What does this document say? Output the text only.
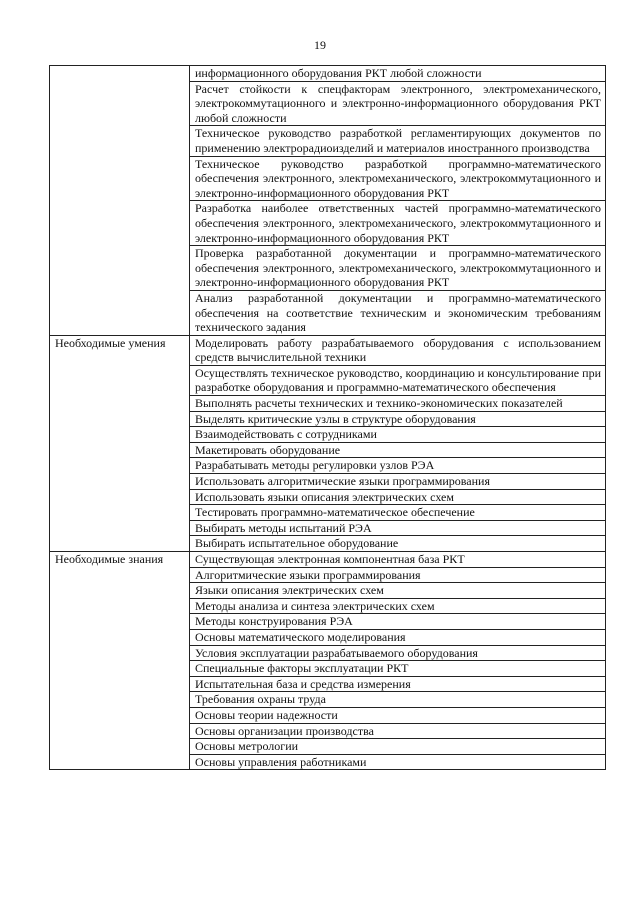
19
	информационного оборудования РКТ любой сложности
	Расчет стойкости к спецфакторам электронного, электромеханического, электрокоммутационного и электронно-информационного оборудования РКТ любой сложности
	Техническое руководство разработкой регламентирующих документов по применению электрорадиоизделий и материалов иностранного производства
	Техническое руководство разработкой программно-математического обеспечения электронного, электромеханического, электрокоммутационного и электронно-информационного оборудования РКТ
	Разработка наиболее ответственных частей программно-математического обеспечения электронного, электромеханического, электрокоммутационного и электронно-информационного оборудования РКТ
	Проверка разработанной документации и программно-математического обеспечения электронного, электромеханического, электрокоммутационного и электронно-информационного оборудования РКТ
	Анализ разработанной документации и программно-математического обеспечения на соответствие техническим и экономическим требованиям технического задания
Необходимые умения	Моделировать работу разрабатываемого оборудования с использованием средств вычислительной техники
	Осуществлять техническое руководство, координацию и консультирование при разработке оборудования и программно-математического обеспечения
	Выполнять расчеты технических и технико-экономических показателей
	Выделять критические узлы в структуре оборудования
	Взаимодействовать с сотрудниками
	Макетировать оборудование
	Разрабатывать методы регулировки узлов РЭА
	Использовать алгоритмические языки программирования
	Использовать языки описания электрических схем
	Тестировать программно-математическое обеспечение
	Выбирать методы испытаний РЭА
	Выбирать испытательное оборудование
Необходимые знания	Существующая электронная компонентная база РКТ
	Алгоритмические языки программирования
	Языки описания электрических схем
	Методы анализа и синтеза электрических схем
	Методы конструирования РЭА
	Основы математического моделирования
	Условия эксплуатации разрабатываемого оборудования
	Специальные факторы эксплуатации РКТ
	Испытательная база и средства измерения
	Требования охраны труда
	Основы теории надежности
	Основы организации производства
	Основы метрологии
	Основы управления работниками
